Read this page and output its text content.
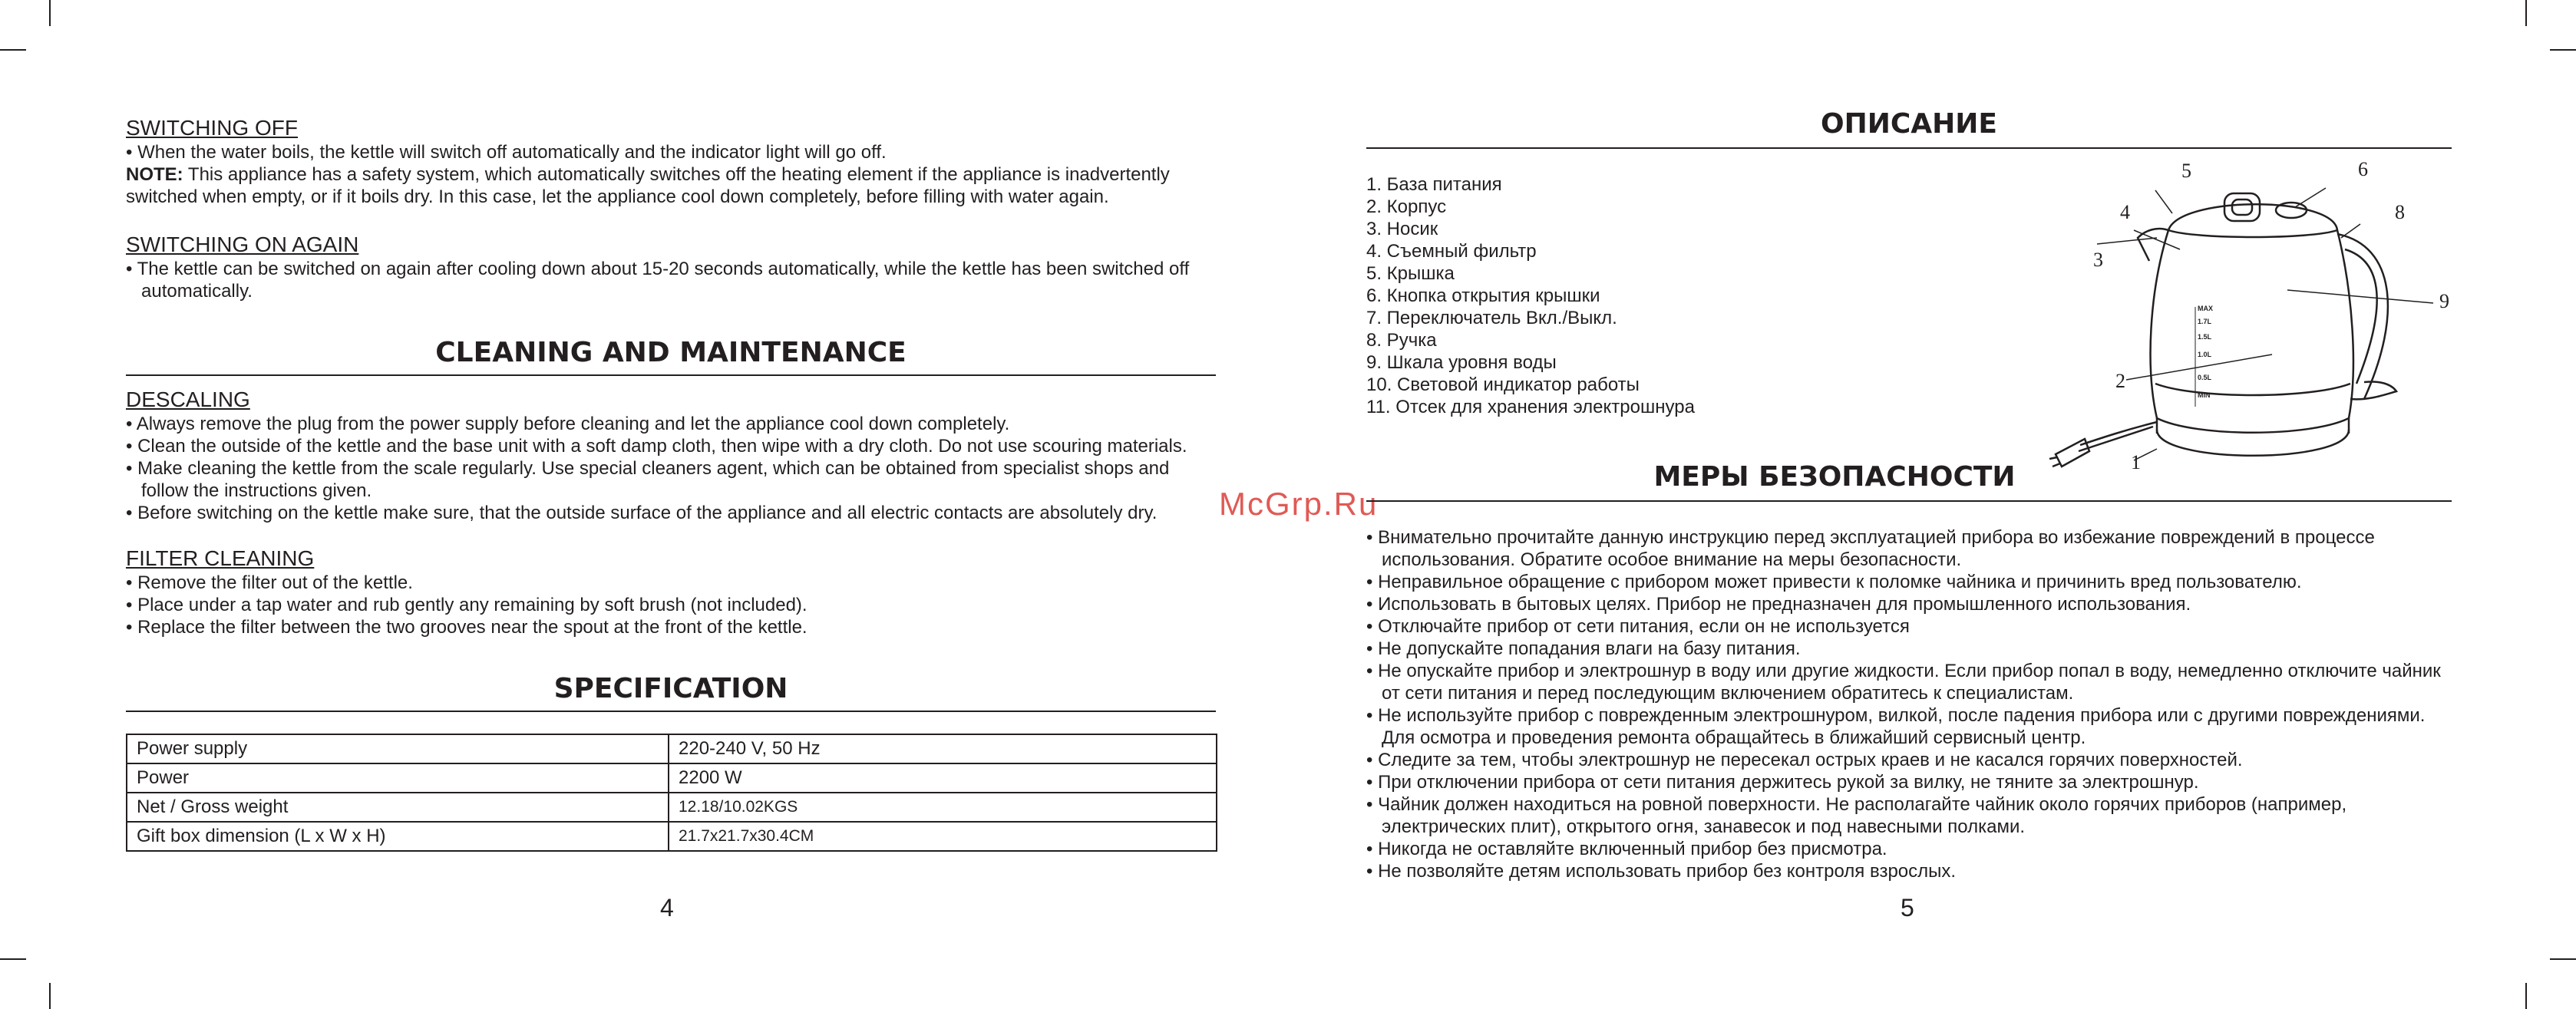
SWITCHING OFF

• When the water boils, the kettle will switch off automatically and the indicator light will go off.

NOTE: This appliance has a safety system, which automatically switches off the heating element if the appliance is inadvertently

switched when empty, or if it boils dry. In this case, let the appliance cool down completely, before filling with water again.

SWITCHING ON AGAIN

• The kettle can be switched on again after cooling down about 15-20 seconds automatically, while the kettle has been switched off

automatically.

CLEANING AND MAINTENANCE

DESCALING

• Always remove the plug from the power supply before cleaning and let the appliance cool down completely.

• Clean the outside of the kettle and the base unit with a soft damp cloth, then wipe with a dry cloth. Do not use scouring materials.

• Make cleaning the kettle from the scale regularly. Use special cleaners agent, which can be obtained from specialist shops and

follow the instructions given.

• Before switching on the kettle make sure, that the outside surface of the appliance and all electric contacts are absolutely dry.

FILTER CLEANING

• Remove the filter out of the kettle.

• Place under a tap water and rub gently any remaining by soft brush (not included).

• Replace the filter between the two grooves near the spout at the front of the kettle.

SPECIFICATION
Power supply	220-240 V, 50 Hz
Power	2200 W
Net / Gross weight	12.18/10.02KGS
Gift box dimension (L x W x H)	21.7x21.7x30.4CM
4
McGrp.Ru
ОПИСАНИЕ

1. База питания

2. Корпус

3. Носик

4. Съемный фильтр

5. Крышка

6. Кнопка открытия крышки

7. Переключатель Вкл./Выкл.

8. Ручка

9. Шкала уровня воды

10. Световой индикатор работы

11. Отсек для хранения электрошнура

MAX
1.7L
1.5L
1.0L
0.5L
MIN
1
2
3
4
5	6
8
9
МЕРЫ БЕЗОПАСНОСТИ

• Внимательно прочитайте данную инструкцию перед эксплуатацией прибора во избежание повреждений в процессе

использования. Обратите особое внимание на меры безопасности.

• Неправильное обращение с прибором может привести к поломке чайника и причинить вред пользователю.

• Использовать в бытовых целях. Прибор не предназначен для промышленного использования.

• Отключайте прибор от сети питания, если он не используется

• Не допускайте попадания влаги на базу питания.

• Не опускайте прибор и электрошнур в воду или другие жидкости. Если прибор попал в воду, немедленно отключите чайник

от сети питания и перед последующим включением обратитесь к специалистам.

• Не используйте прибор с поврежденным электрошнуром, вилкой, после падения прибора или с другими повреждениями.

Для осмотра и проведения ремонта обращайтесь в ближайший сервисный центр.

• Следите за тем, чтобы электрошнур не пересекал острых краев и не касался горячих поверхностей.

• При отключении прибора от сети питания держитесь рукой за вилку, не тяните за электрошнур.

• Чайник должен находиться на ровной поверхности. Не располагайте чайник около горячих приборов (например,

электрических плит), открытого огня, занавесок и под навесными полками.

• Никогда не оставляйте включенный прибор без присмотра.

• Не позволяйте детям использовать прибор без контроля взрослых.

5
